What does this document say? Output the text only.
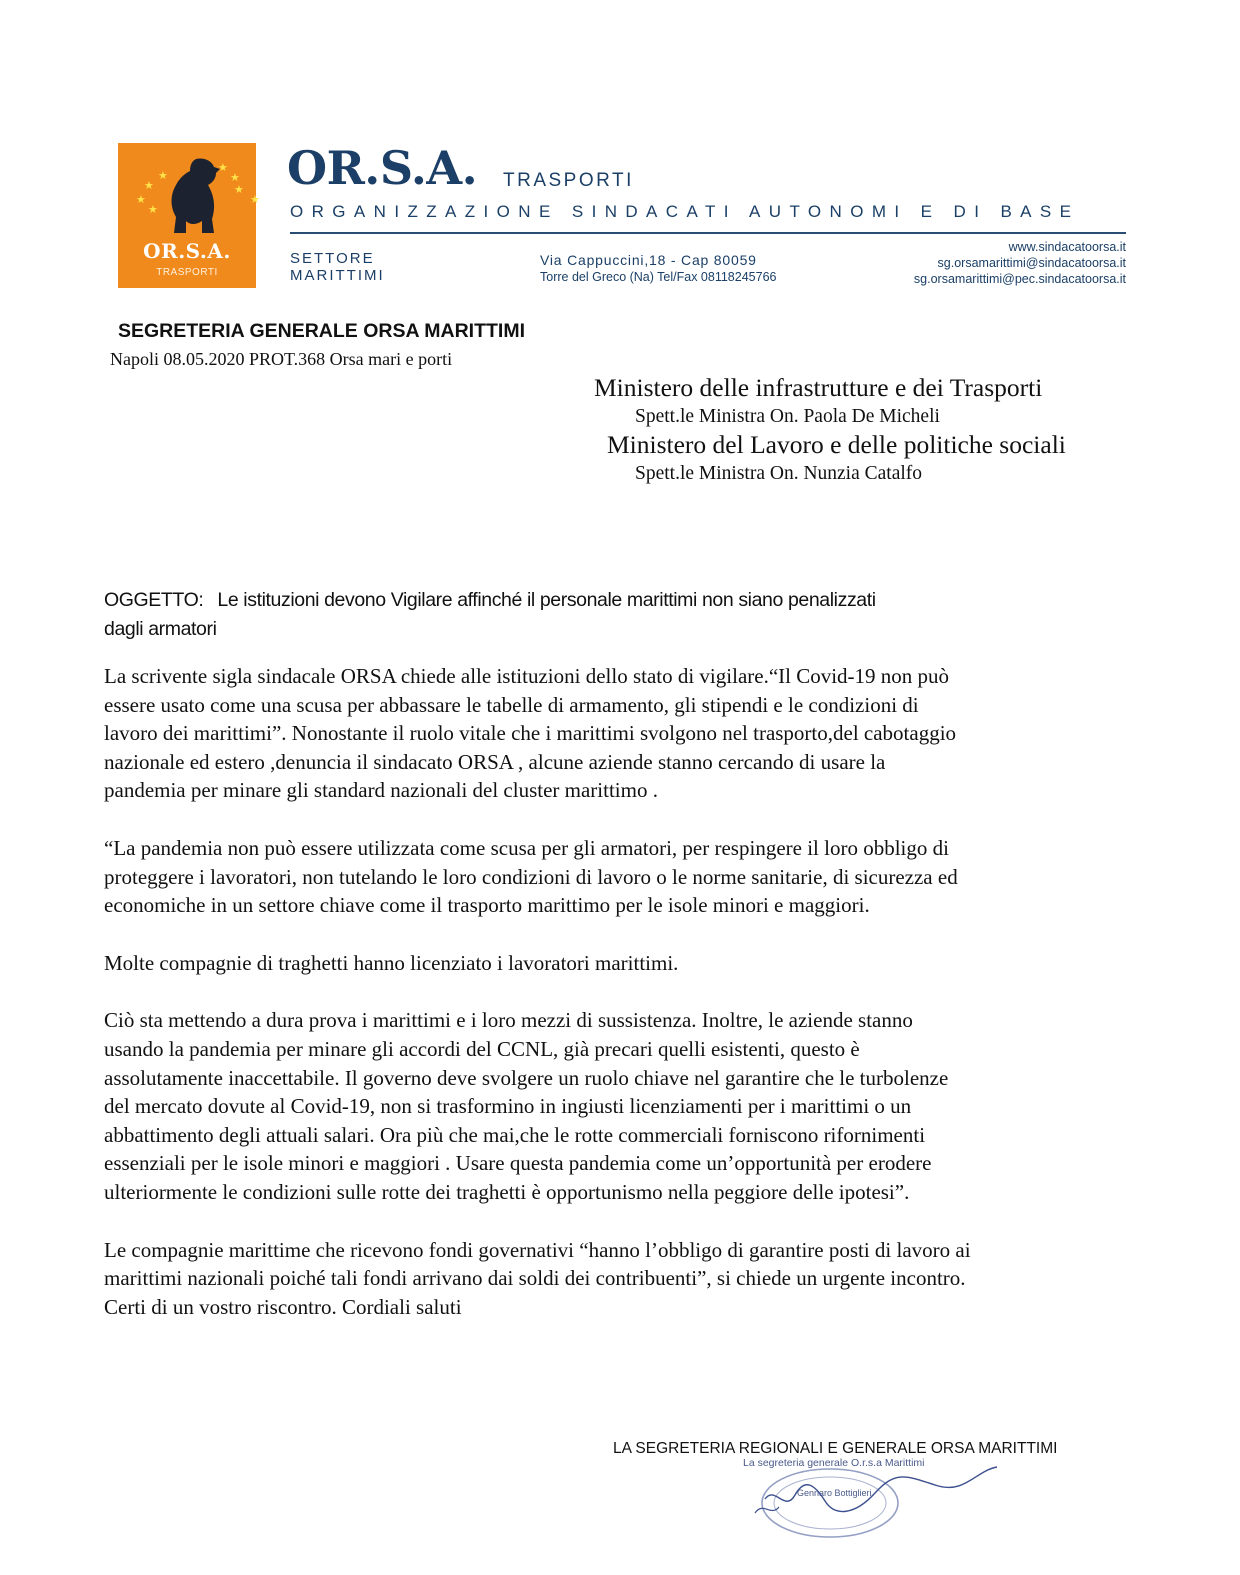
★
★
★
★
★
★
★
★
OR.S.A.
TRASPORTI
OR.S.A. TRASPORTI
ORGANIZZAZIONE SINDACATI AUTONOMI E DI BASE
SETTORE
MARITTIMI
Via Cappuccini,18 - Cap 80059
Torre del Greco (Na) Tel/Fax 08118245766
www.sindacatoorsa.it
sg.orsamarittimi@sindacatoorsa.it
sg.orsamarittimi@pec.sindacatoorsa.it
SEGRETERIA GENERALE ORSA MARITTIMI
Napoli 08.05.2020 PROT.368 Orsa mari e porti
Ministero delle infrastrutture e dei Trasporti
Spett.le Ministra On. Paola De Micheli
Ministero del Lavoro e delle politiche sociali
Spett.le Ministra On. Nunzia Catalfo
OGGETTO: Le istituzioni devono Vigilare affinché il personale marittimi non siano penalizzati
dagli armatori

La scrivente sigla sindacale ORSA chiede alle istituzioni dello stato di vigilare.“Il Covid-19 non può
essere usato come una scusa per abbassare le tabelle di armamento, gli stipendi e le condizioni di
lavoro dei marittimi”. Nonostante il ruolo vitale che i marittimi svolgono nel trasporto,del cabotaggio
nazionale ed estero ,denuncia il sindacato ORSA , alcune aziende stanno cercando di usare la
pandemia per minare gli standard nazionali del cluster marittimo .

“La pandemia non può essere utilizzata come scusa per gli armatori, per respingere il loro obbligo di
proteggere i lavoratori, non tutelando le loro condizioni di lavoro o le norme sanitarie, di sicurezza ed
economiche in un settore chiave come il trasporto marittimo per le isole minori e maggiori.

Molte compagnie di traghetti hanno licenziato i lavoratori marittimi.

Ciò sta mettendo a dura prova i marittimi e i loro mezzi di sussistenza. Inoltre, le aziende stanno
usando la pandemia per minare gli accordi del CCNL, già precari quelli esistenti, questo è
assolutamente inaccettabile. Il governo deve svolgere un ruolo chiave nel garantire che le turbolenze
del mercato dovute al Covid-19, non si trasformino in ingiusti licenziamenti per i marittimi o un
abbattimento degli attuali salari. Ora più che mai,che le rotte commerciali forniscono rifornimenti
essenziali per le isole minori e maggiori . Usare questa pandemia come un’opportunità per erodere
ulteriormente le condizioni sulle rotte dei traghetti è opportunismo nella peggiore delle ipotesi”.

Le compagnie marittime che ricevono fondi governativi “hanno l’obbligo di garantire posti di lavoro ai
marittimi nazionali poiché tali fondi arrivano dai soldi dei contribuenti”, si chiede un urgente incontro.
Certi di un vostro riscontro. Cordiali saluti

LA SEGRETERIA REGIONALI E GENERALE ORSA MARITTIMI
La segreteria generale O.r.s.a Marittimi
Gennaro Bottiglieri
